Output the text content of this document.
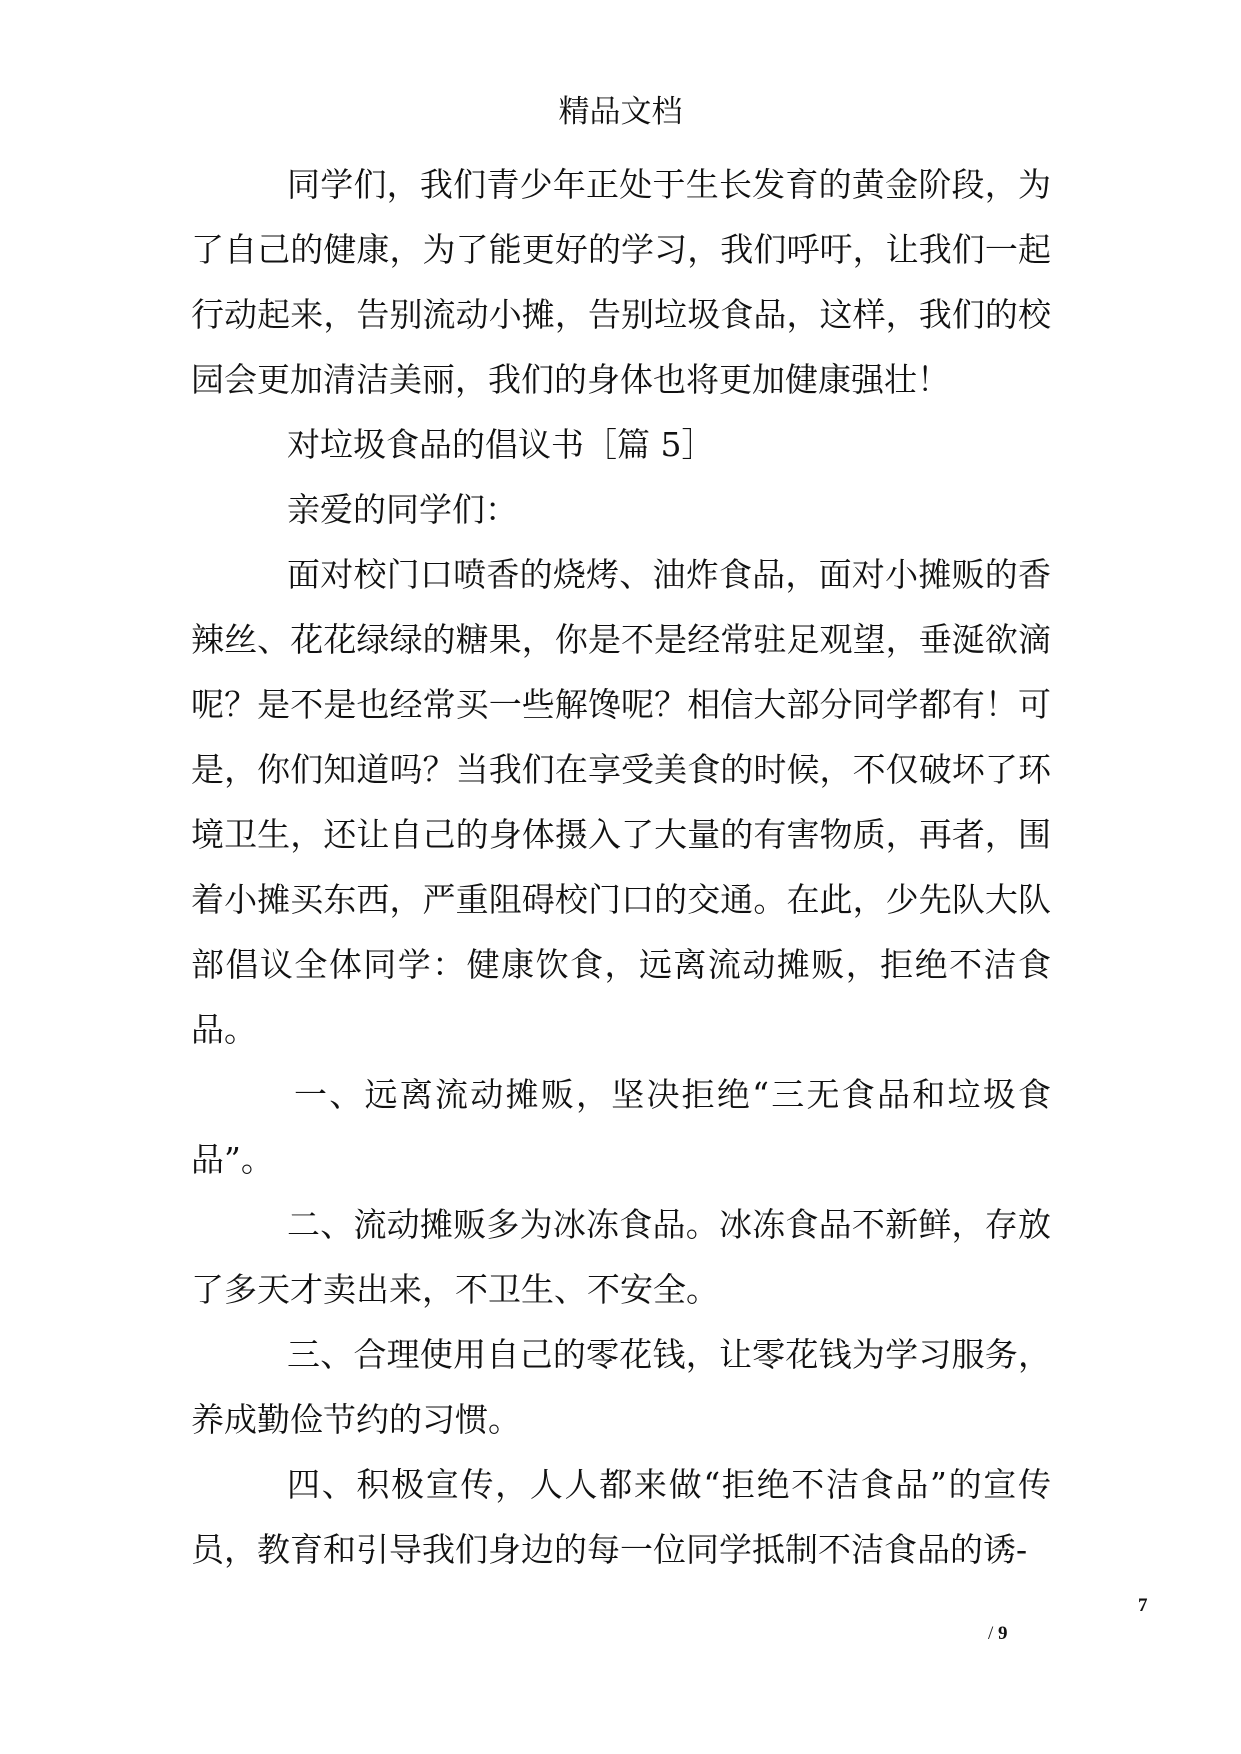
精品文档

同学们，我们青少年正处于生长发育的黄金阶段，为了自己的健康，为了能更好的学习，我们呼吁，让我们一起行动起来，告别流动小摊，告别垃圾食品，这样，我们的校园会更加清洁美丽，我们的身体也将更加健康强壮！

对垃圾食品的倡议书［篇 5］

亲爱的同学们：

面对校门口喷香的烧烤、油炸食品，面对小摊贩的香辣丝、花花绿绿的糖果，你是不是经常驻足观望，垂涎欲滴呢？是不是也经常买一些解馋呢？相信大部分同学都有！可是，你们知道吗？当我们在享受美食的时候，不仅破坏了环境卫生，还让自己的身体摄入了大量的有害物质，再者，围着小摊买东西，严重阻碍校门口的交通。在此，少先队大队部倡议全体同学：健康饮食，远离流动摊贩，拒绝不洁食品。

一、远离流动摊贩，坚决拒绝“三无食品和垃圾食品”。

二、流动摊贩多为冰冻食品。冰冻食品不新鲜，存放了多天才卖出来，不卫生、不安全。

三、合理使用自己的零花钱，让零花钱为学习服务，养成勤俭节约的习惯。

四、积极宣传，人人都来做“拒绝不洁食品”的宣传员，教育和引导我们身边的每一位同学抵制不洁食品的诱-

7
/ 9
